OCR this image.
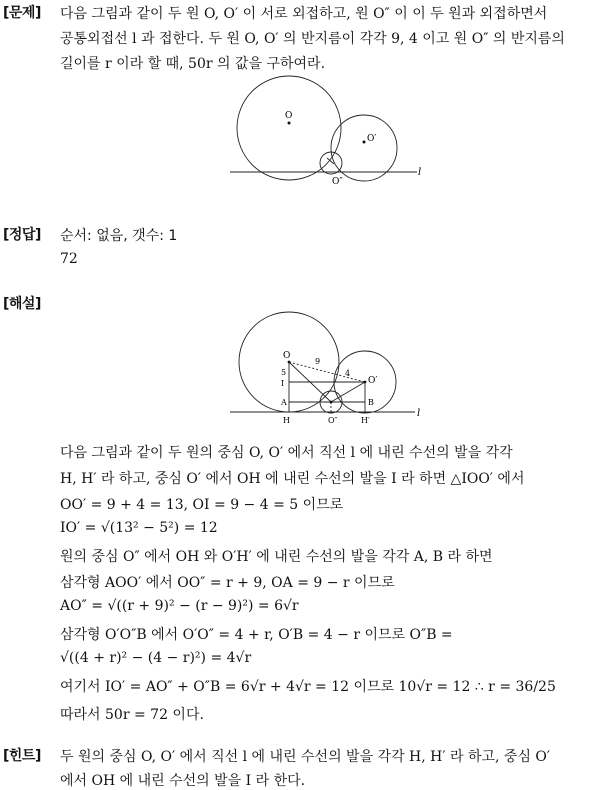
[문제] 다음 그림과 같이 두 원 O, O′ 이 서로 외접하고, 원 O″ 이 이 두 원과 외접하면서
공통외접선 l 과 접한다. 두 원 O, O′ 의 반지름이 각각 9, 4 이고 원 O″ 의 반지름의
길이를 r 이라 할 때, 50r 의 값을 구하여라.
O
O′
O″
l
[정답] 순서: 없음, 갯수: 1
72
[해설]
O
O′
9
4
5
I
A	B
H	H′
O″
l
다음 그림과 같이 두 원의 중심 O, O′ 에서 직선 l 에 내린 수선의 발을 각각
H, H′ 라 하고, 중심 O′ 에서 OH 에 내린 수선의 발을 I 라 하면 △IOO′ 에서
OO′ = 9 + 4 = 13, OI = 9 − 4 = 5 이므로
IO′ = √(13² − 5²) = 12
원의 중심 O″ 에서 OH 와 O′H′ 에 내린 수선의 발을 각각 A, B 라 하면
삼각형 AOO′ 에서 OO″ = r + 9, OA = 9 − r 이므로
AO″ = √((r + 9)² − (r − 9)²) = 6√r
삼각형 O′O″B 에서 O′O″ = 4 + r, O′B = 4 − r 이므로 O″B =
√((4 + r)² − (4 − r)²) = 4√r
여기서 IO′ = AO″ + O″B = 6√r + 4√r = 12 이므로 10√r = 12 ∴ r = 36/25
따라서 50r = 72 이다.
[힌트] 두 원의 중심 O, O′ 에서 직선 l 에 내린 수선의 발을 각각 H, H′ 라 하고, 중심 O′
에서 OH 에 내린 수선의 발을 I 라 한다.
